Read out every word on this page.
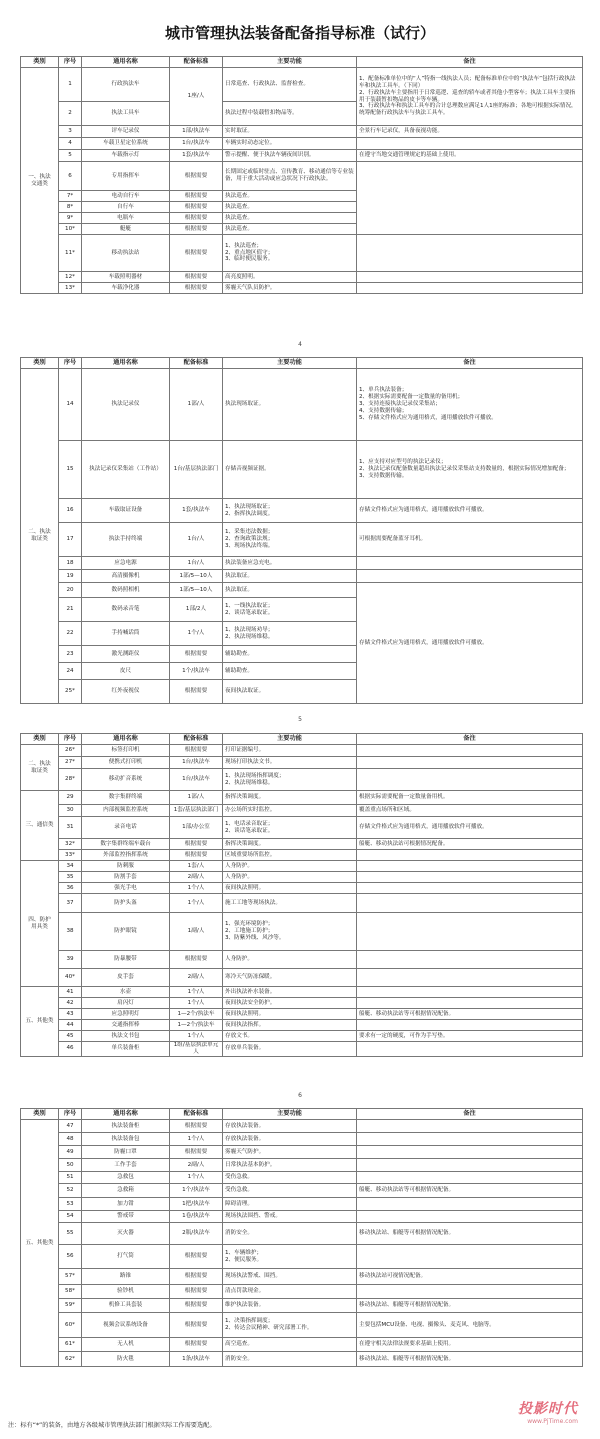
城市管理执法装备配备指导标准（试行）
类别	序号	通用名称	配备标准	主要功能	备注
一、执法
交通类	1	行政执法车	1座/人	日常巡查、行政执法、监督检查。	1、配备标准单位中的“人”特指一线执法人员；配备标准单位中的“执法车”包括行政执法车和执法工具车。（下同）
2、行政执法车主要指用于日常巡逻、巡查的轿车或者其他小型客车；执法工具车主要指用于装载暂扣物品的皮卡等车辆。
3、行政执法车和执法工具车的合计总理数应满足1人1座的标准；各地可根据实际情况，统筹配备行政执法车与执法工具车。
	2	执法工具车		执法过程中装载暂扣物品等。	
	3	评车记录仪	1部/执法车	实时取证。	全景行车记录仪，具备夜视功能。
	4	车载卫星定位系统	1台/执法车	车辆实时动态定位。	
	5	车载指示灯	1套/执法车	警示提醒、便于执法车辆夜间识别。	在遵守当地交通管理规定的基础上使用。
	6	专用指挥车	根据需要	长期固定或临时驻点、宣传教育、移动通信等专业装备，用于重大活动或应急状况下行政执法。	
	7*	电动自行车	根据需要	执法巡查。	
	8*	自行车	根据需要	执法巡查。	
	9*	电瓶车	根据需要	执法巡查。	
	10*	艇艇	根据需要	执法巡查。	
	11*	移动执法站	根据需要	1、执法巡查；
2、重点地区值守；
3、临时便民服务。	
	12*	车载照明器材	根据需要	高亮度照明。	
	13*	车载净化器	根据需要	雾霾天气队员防护。	
4
类别	序号	通用名称	配备标准	主要功能	备注
二、执法
取证类	14	执法记录仪	1部/人	执法现场取证。	1、单兵执法装备；
2、根据实际需要配备一定数量的备用机；
3、支持连接执法记录仪采集站；
4、支持数据传输；
5、存储文件格式应为通用格式，通用播放软件可播放。
	15	执法记录仪采集站（工作站）	1台/基层执法部门	存储音视频证据。	1、应支持对应型号的执法记录仪；
2、执法记录仪配备数量超出执法记录仪采集站支持数量的，根据实际情况增加配备；
3、支持数据传输。
	16	车载取证设备	1套/执法车	1、执法现场取证；
2、指挥执法调度。	存储文件格式应为通用格式，通用播放软件可播放。
	17	执法手持终端	1台/人	1、采集违法数据；
2、查询政策法规；
3、现场执法终端。	可根据需要配备蓝牙耳机。
	18	应急电源	1台/人	执法装备应急充电。	
	19	高清摄像机	1部/5—10人	执法取证。	
	20	数码照相机	1部/5—10人	执法取证。	存储文件格式应为通用格式，通用播放软件可播放。
	21	数码录音笔	1部/2人	1、一线执法取证；
2、谈话笔录取证。	
	22	手持喊话筒	1个/人	1、执法现场劝导；
2、执法现场维稳。	
	23	激光测距仪	根据需要	辅助勘查。	
	24	皮尺	1个/执法车	辅助勘查。	
	25*	红外夜视仪	根据需要	夜间执法取证。	
5
类别	序号	通用名称	配备标准	主要功能	备注
二、执法
取证类	26*	标签打印机	根据需要	打印证据编号。	
	27*	便携式打印机	1台/执法车	现场打印执法文书。	
	28*	移动扩音系统	1台/执法车	1、执法现场指挥调度；
2、执法现场维稳。	
三、通信类	29	数字集群终端	1部/人	指挥决策调度。	根据实际需要配备一定数量备用机。
	30	内部视频监控系统	1套/基层执法部门	办公场所实时监控。	覆盖重点场所和区域。
	31	录音电话	1部/办公室	1、电话录音取证；
2、谈话笔录取证。	存储文件格式应为通用格式，通用播放软件可播放。
	32*	数字集群终端车载台	根据需要	指挥决策调度。	船艇、移动执法站可根据情况配备。
	33*	外部监控指挥系统	根据需要	区域重要场所监控。	
四、防护
用具类	34	防刺服	1套/人	人身防护。	
	35	防割手套	2副/人	人身防护。	
	36	强光手电	1个/人	夜间执法照明。	
	37	防护头盔	1个/人	施工工地等现场执法。	
	38	防护眼镜	1副/人	1、强光环境防护；
2、工地施工防护；
3、防紫外线、风沙等。	
	39	防暴腰带	根据需要	人身防护。	
	40*	皮手套	2副/人	寒冷天气防冻保暖。	
五、其他类	41	水壶	1个/人	外出执法补水装备。	
	42	肩闪灯	1个/人	夜间执法安全防护。	
	43	应急照明灯	1—2个/执法车	夜间执法照明。	船艇、移动执法站等可根据情况配备。
	44	交通指挥棒	1—2个/执法车	夜间执法指挥。	
	45	执法文书包	1个/人	存放文书。	要求有一定的硬度，可作为手写垫。
	46	单兵装备柜	1组/基层执法单元人	存放单兵装备。	
6
类别	序号	通用名称	配备标准	主要功能	备注
五、其他类	47	执法装备柜	根据需要	存放执法装备。	
	48	执法装备包	1个/人	存放执法装备。	
	49	防霾口罩	根据需要	雾霾天气防护。	
	50	工作手套	2副/人	日常执法基本防护。	
	51	急救包	1个/人	受伤急救。	
	52	急救箱	1个/执法车	受伤急救。	船艇、移动执法站等可根据情况配备。
	53	加力钳	1把/执法车	障碍清理。	
	54	警戒带	1卷/执法车	现场执法围挡、警戒。	
	55	灭火器	2瓶/执法车	消防安全。	移动执法站、船艇等可根据情况配备。
	56	打气筒	根据需要	1、车辆维护；
2、便民服务。	
	57*	路锥	根据需要	现场执法警戒、围挡。	移动执法站可视情况配备。
	58*	验钞机	根据需要	清点罚款现金。	
	59*	机修工具套装	根据需要	维护执法装备。	移动执法站、船艇等可根据情况配备。
	60*	视频会议系统设备	根据需要	1、决策指挥调度；
2、传达会议精神、研究部署工作。	主要包括MCU设备、电视、摄像头、麦克风、电脑等。
	61*	无人机	根据需要	高空巡查。	在遵守相关法律法规要求基础上使用。
	62*	防火毯	1条/执法车	消防安全。	移动执法站、船艇等可根据情况配备。
投影时代
www.PjTime.com
注：标有“*”的装备，由地方各级城市管理执法部门根据实际工作需要选配。
